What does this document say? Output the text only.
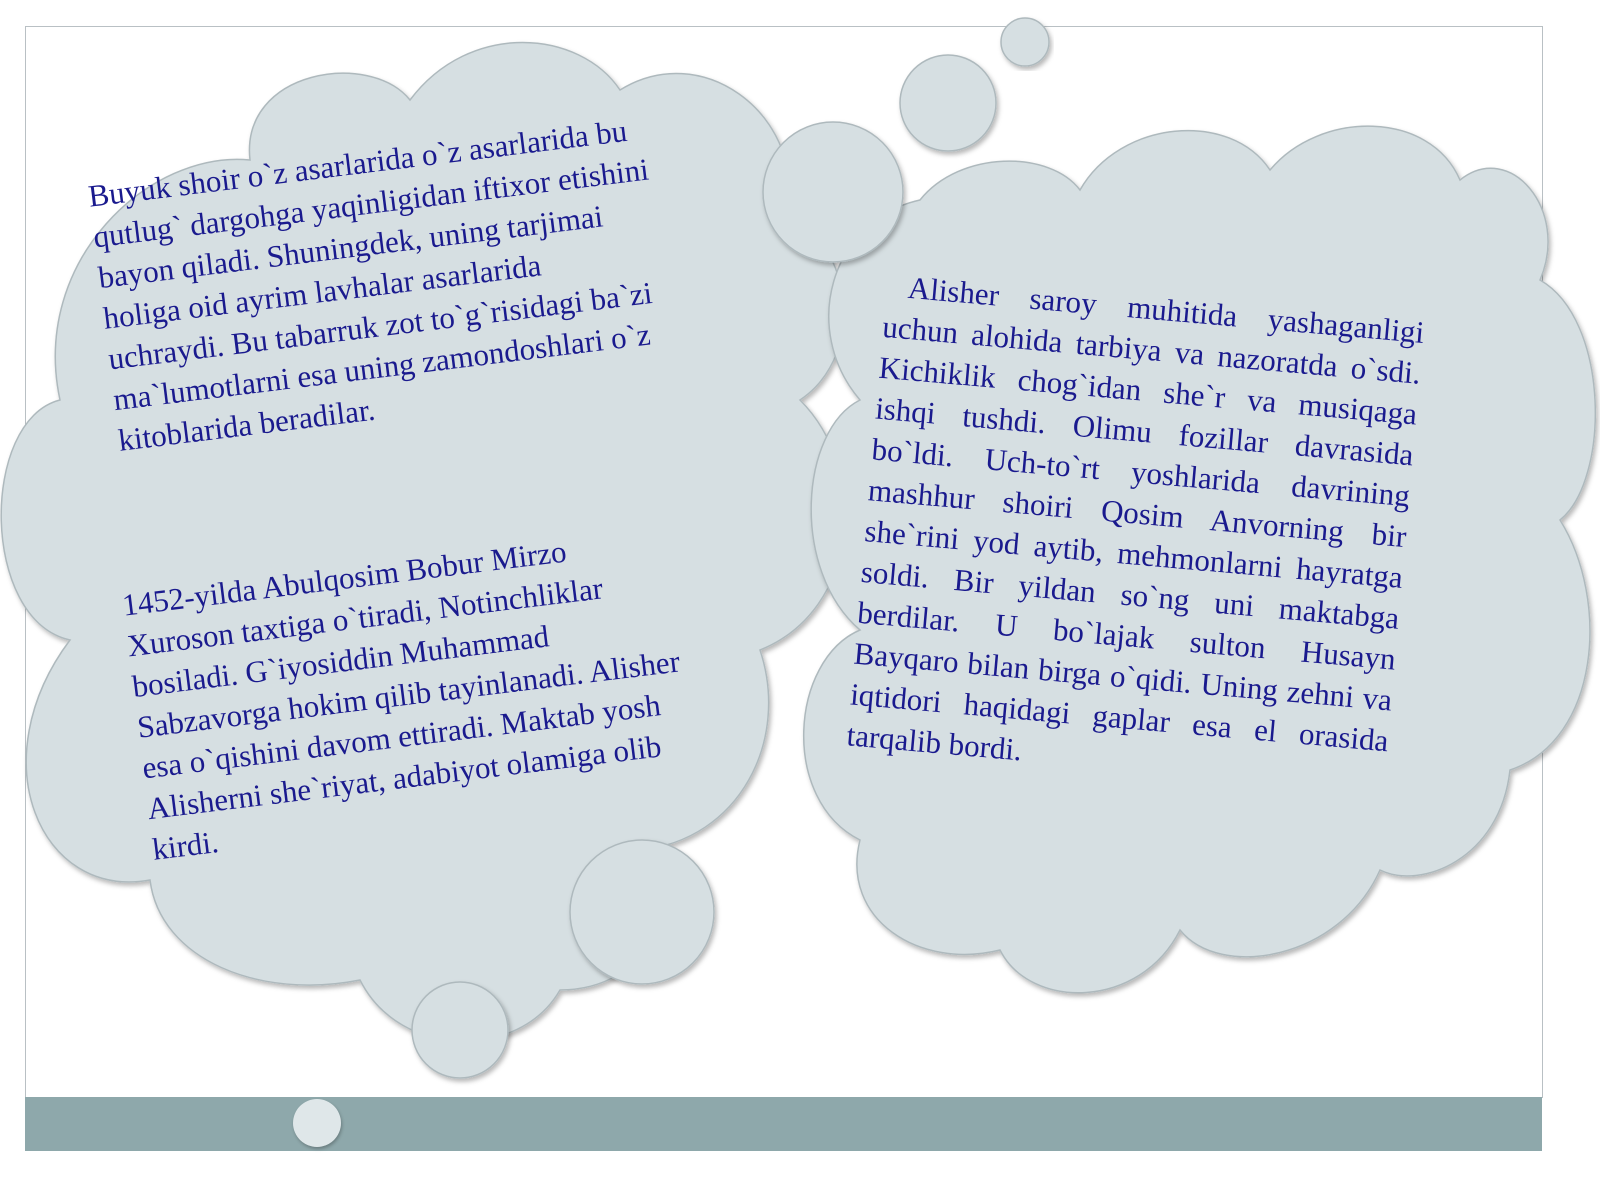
Buyuk shoir o`z asarlarida o`z asarlarida bu qutlug` dargohga yaqinligidan iftixor etishini bayon qiladi. Shuningdek, uning tarjimai holiga oid ayrim lavhalar asarlarida uchraydi. Bu tabarruk zot to`g`risidagi ba`zi ma`lumotlarni esa uning zamondoshlari o`z kitoblarida beradilar.

1452-yilda Abulqosim Bobur Mirzo Xuroson taxtiga o`tiradi, Notinchliklar bosiladi. G`iyosiddin Muhammad Sabzavorga hokim qilib tayinlanadi. Alisher esa o`qishini davom ettiradi. Maktab yosh Alisherni she`riyat, adabiyot olamiga olib kirdi.

Alisher saroy muhitida yashaganligi uchun alohida tarbiya va nazoratda o`sdi. Kichiklik chog`idan she`r va musiqaga ishqi tushdi. Olimu fozillar davrasida bo`ldi. Uch-to`rt yoshlarida davrining mashhur shoiri Qosim Anvorning bir she`rini yod aytib, mehmonlarni hayratga soldi. Bir yildan so`ng uni maktabga berdilar. U bo`lajak sulton Husayn Bayqaro bilan birga o`qidi. Uning zehni va iqtidori haqidagi gaplar esa el orasida tarqalib bordi.
